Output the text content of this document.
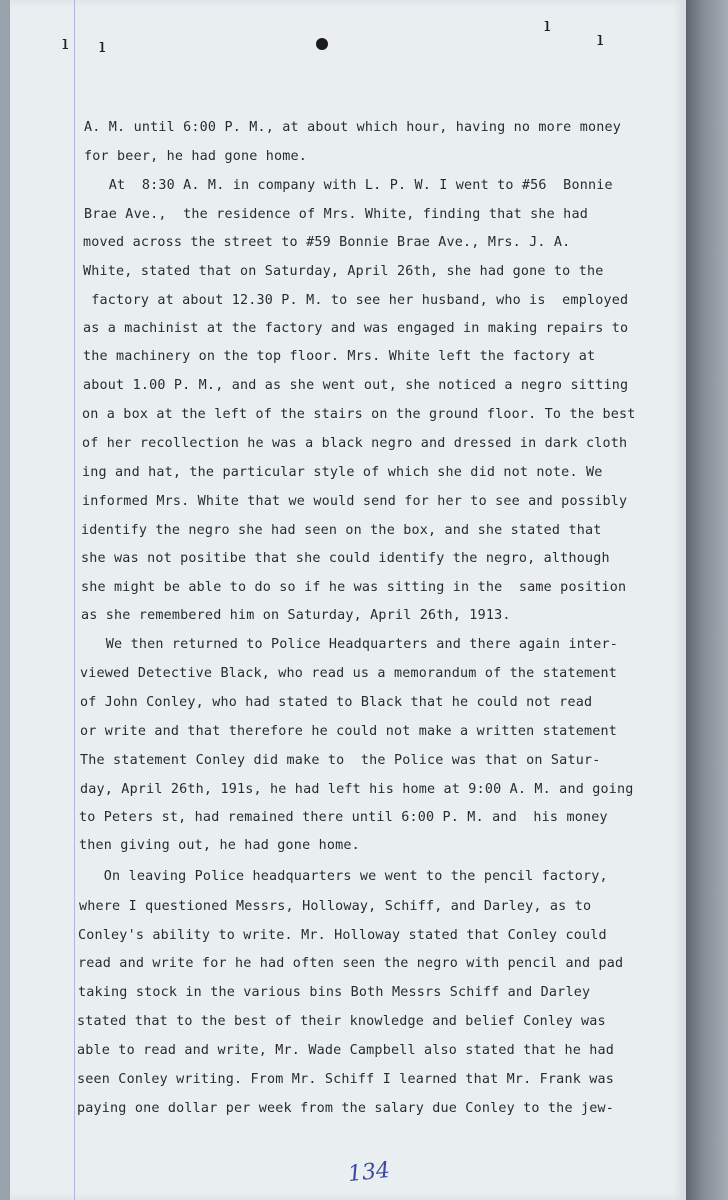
ı ı
ı
ı
A. M. until 6:00 P. M., at about which hour, having no more money
for beer, he had gone home.
At  8:30 A. M. in company with L. P. W. I went to #56  Bonnie
Brae Ave.,  the residence of Mrs. White, finding that she had
moved across the street to #59 Bonnie Brae Ave., Mrs. J. A.
White, stated that on Saturday, April 26th, she had gone to the
factory at about 12.30 P. M. to see her husband, who is  employed
as a machinist at the factory and was engaged in making repairs to
the machinery on the top floor. Mrs. White left the factory at
about 1.00 P. M., and as she went out, she noticed a negro sitting
on a box at the left of the stairs on the ground floor. To the best
of her recollection he was a black negro and dressed in dark cloth
ing and hat, the particular style of which she did not note. We
informed Mrs. White that we would send for her to see and possibly
identify the negro she had seen on the box, and she stated that
she was not positibe that she could identify the negro, although
she might be able to do so if he was sitting in the  same position
as she remembered him on Saturday, April 26th, 1913.
We then returned to Police Headquarters and there again inter-
viewed Detective Black, who read us a memorandum of the statement
of John Conley, who had stated to Black that he could not read
or write and that therefore he could not make a written statement
The statement Conley did make to  the Police was that on Satur-
day, April 26th, 191s, he had left his home at 9:00 A. M. and going
to Peters st, had remained there until 6:00 P. M. and  his money
then giving out, he had gone home.
On leaving Police headquarters we went to the pencil factory,
where I questioned Messrs, Holloway, Schiff, and Darley, as to
Conley's ability to write. Mr. Holloway stated that Conley could
read and write for he had often seen the negro with pencil and pad
taking stock in the various bins Both Messrs Schiff and Darley
stated that to the best of their knowledge and belief Conley was
able to read and write, Mr. Wade Campbell also stated that he had
seen Conley writing. From Mr. Schiff I learned that Mr. Frank was
paying one dollar per week from the salary due Conley to the jew-
134
